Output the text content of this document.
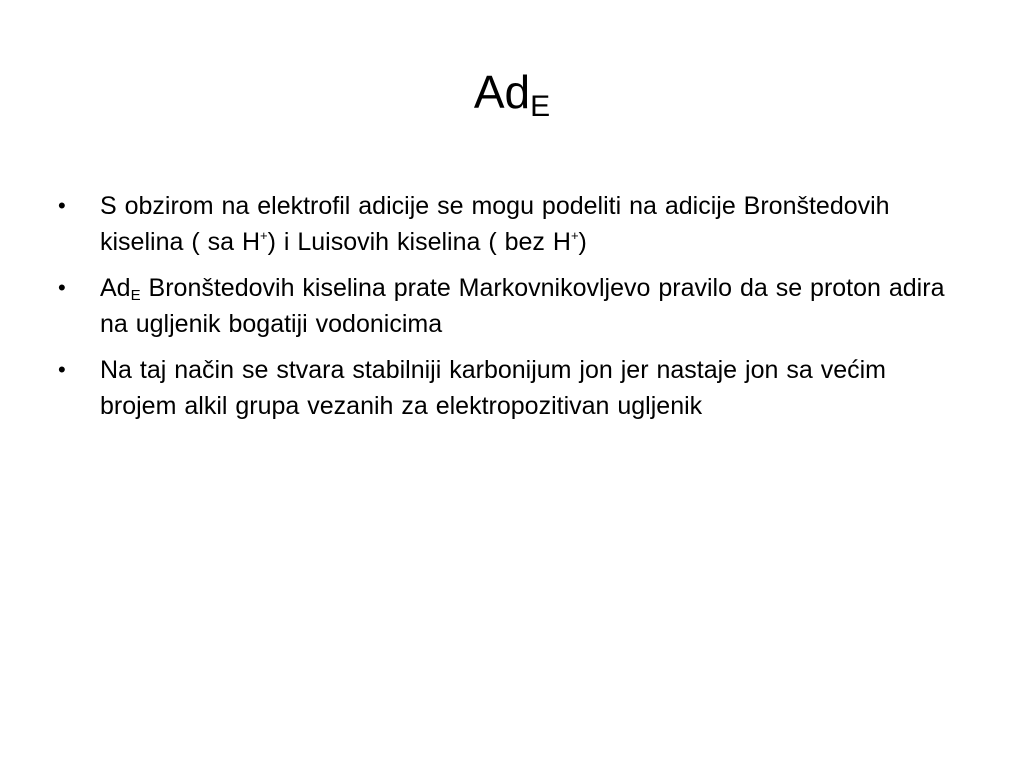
$Ad_E$
•	S obzirom na elektrofil adicije se mogu podeliti na adicije Bronštedovih kiselina ( sa H+) i Luisovih kiselina ( bez H+)
•	$Ad_E$ Bronštedovih kiselina prate Markovnikovljevo pravilo da se proton adira na ugljenik bogatiji vodonicima
•	Na taj način se stvara stabilniji karbonijum jon jer nastaje jon sa većim brojem alkil grupa vezanih za elektropozitivan ugljenik
